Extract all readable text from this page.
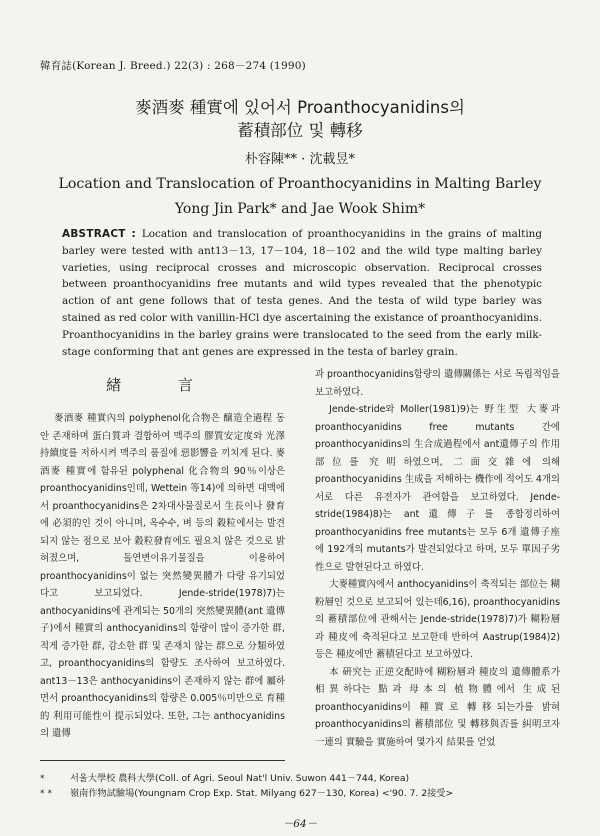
韓育誌(Korean J. Breed.) 22(3) : 268－274 (1990)
麥酒麥 種實에 있어서 Proanthocyanidins의
蓄積部位 및 轉移
朴容陳** · 沈載昱*
Location and Translocation of Proanthocyanidins in Malting Barley
Yong Jin Park* and Jae Wook Shim*
ABSTRACT : Location and translocation of proanthocyanidins in the grains of malting barley were tested with ant13－13, 17－104, 18－102 and the wild type malting barley varieties, using reciprocal crosses and microscopic observation. Reciprocal crosses between proanthocyanidins free mutants and wild types revealed that the phenotypic action of ant gene follows that of testa genes. And the testa of wild type barley was stained as red color with vanillin-HCl dye ascertaining the existance of proanthocyanidins. Proanthocyanidins in the barley grains were translocated to the seed from the early milk-stage conforming that ant genes are expressed in the testa of barley grain.
緖 言

麥酒麥 種實內의 polyphenol化合物은 醸造全過程 동안 존재하며 蛋白質과 결합하여 맥주의 膠質安定度와 光澤持續度를 저하시켜 맥주의 품질에 惡影響을 끼치게 된다. 麥酒麥 種實에 함유된 polyphenal 化合物의 90％이상은 proanthocyanidins인데, Wettein 等14)에 의하면 대맥에서 proanthocyanidins은 2차대사물질로서 生長이나 發育에 必須的인 것이 아니며, 옥수수, 벼 등의 穀粒에서는 발견되지 않는 점으로 보아 穀粒發育에도 필요치 않은 것으로 밝혀졌으며, 돌연변이유기물질을 이용하여 proanthocyanidins이 없는 突然變異體가 다량 유기되었다고 보고되었다. Jende-stride(1978)7)는 anthocyanidins에 관계되는 50개의 突然變異體(ant 遺傳子)에서 種實의 anthocyanidins의 함량이 많이 증가한 群, 적게 증가한 群, 감소한 群 및 존재치 않는 群으로 分類하였고, proanthocyanidins의 함량도 조사하여 보고하였다. ant13－13은 anthocyanidins이 존재하지 않는 群에 屬하면서 proanthocyanidins의 함량은 0.005％미만으로 育種的 利用可能性이 提示되었다. 또한, 그는 anthocyanidins의 遺傳

과 proanthocyanidins함량의 遺傳關係는 서로 독립적임을 보고하였다.

Jende-stride와 Moller(1981)9)는 野生型 大麥과 proanthocyanidins free mutants 간에 proanthocyanidins의 生合成過程에서 ant遺傳子의 作用部位를 究明하였으며, 二面交雜에 의해 proanthocyanidins 生成을 저해하는 機作에 적어도 4개의 서로 다른 유전자가 관여함을 보고하였다. Jende-stride(1984)8)는 ant遺傳子를 종합정리하여 proanthocyanidins free mutants는 모두 6개 遺傳子座에 192개의 mutants가 발견되었다고 하며, 모두 單因子劣性으로 발현된다고 하였다.

大麥種實內에서 anthocyanidins이 축적되는 部位는 糊粉層인 것으로 보고되어 있는데6,16), proanthocyanidins의 蓄積部位에 관해서는 Jende-stride(1978)7)가 糊粉層과 種皮에 축적된다고 보고한데 반하여 Aastrup(1984)2)등은 種皮에만 蓄積된다고 보고하였다.

本 硏究는 正逆交配時에 糊粉層과 種皮의 遺傳體系가 相異하다는 點과 母本의 植物體에서 生成된 proanthocyanidins이 種實로 轉移되는가를 밝혀 proanthocyanidins의 蓄積部位 및 轉移與否를 糾明코자 一連의 實驗을 實施하여 몇가지 結果를 얻었

*	서울大學校 農科大學(Coll. of Agri. Seoul Nat'l Univ. Suwon 441－744, Korea)
* * 嶺南作物試驗場(Youngnam Crop Exp. Stat. Milyang 627－130, Korea) <'90. 7. 2接受>
－64－
